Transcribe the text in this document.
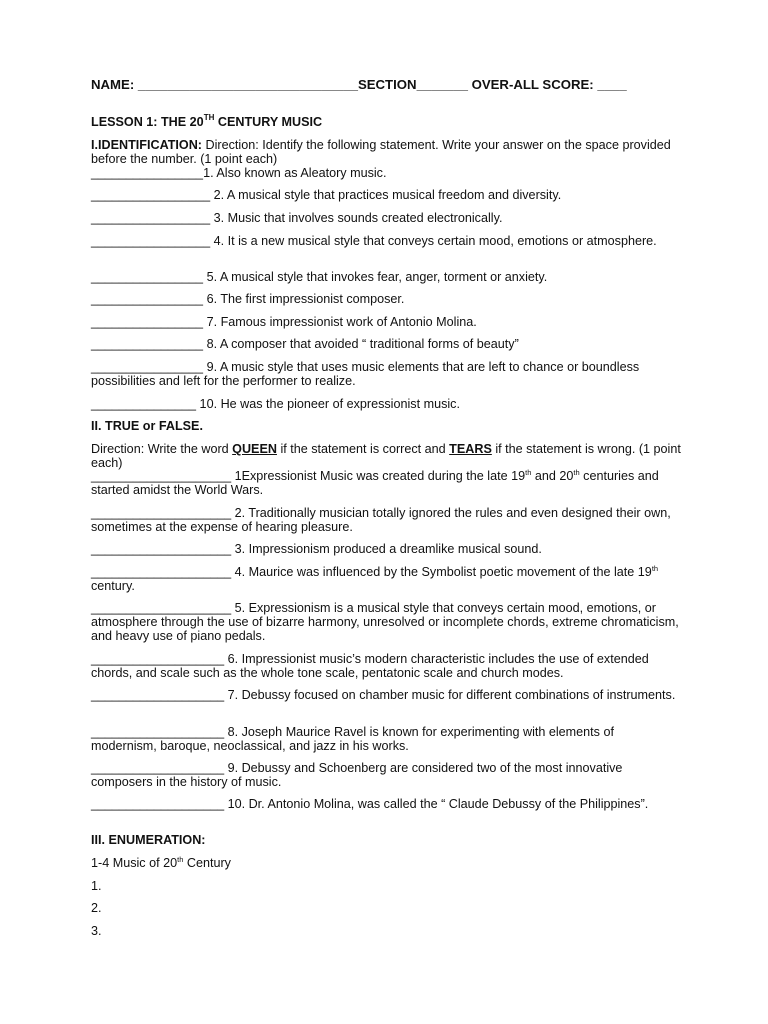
NAME: ______________________________SECTION_______ OVER-ALL SCORE: ____
LESSON 1: THE 20TH CENTURY MUSIC
I.IDENTIFICATION: Direction: Identify the following statement. Write your answer on the space provided before the number. (1 point each)
________________1. Also known as Aleatory music.
_________________ 2. A musical style that practices musical freedom and diversity.
_________________ 3. Music that involves sounds created electronically.
_________________ 4. It is a new musical style that conveys certain mood, emotions or atmosphere.
________________ 5. A musical style that invokes fear, anger, torment or anxiety.
________________ 6. The first impressionist composer.
________________ 7. Famous impressionist work of Antonio Molina.
________________ 8. A composer that avoided “ traditional forms of beauty”
________________ 9. A music style that uses music elements that are left to chance or boundless possibilities and left for the performer to realize.
_______________ 10. He was the pioneer of expressionist music.
II. TRUE or FALSE.
Direction: Write the word QUEEN if the statement is correct and TEARS if the statement is wrong. (1 point each)
____________________ 1Expressionist Music was created during the late 19th and 20th centuries and started amidst the World Wars.
____________________ 2. Traditionally musician totally ignored the rules and even designed their own, sometimes at the expense of hearing pleasure.
____________________ 3. Impressionism produced a dreamlike musical sound.
____________________ 4. Maurice was influenced by the Symbolist poetic movement of the late 19th century.
____________________ 5. Expressionism is a musical style that conveys certain mood, emotions, or atmosphere through the use of bizarre harmony, unresolved or incomplete chords, extreme chromaticism, and heavy use of piano pedals.
___________________ 6. Impressionist music’s modern characteristic includes the use of extended chords, and scale such as the whole tone scale, pentatonic scale and church modes.
___________________ 7. Debussy focused on chamber music for different combinations of instruments.
___________________ 8. Joseph Maurice Ravel is known for experimenting with elements of modernism, baroque, neoclassical, and jazz in his works.
___________________ 9. Debussy and Schoenberg are considered two of the most innovative composers in the history of music.
___________________ 10. Dr. Antonio Molina, was called the “ Claude Debussy of the Philippines”.
III. ENUMERATION:
1-4 Music of 20th Century
1.
2.
3.
